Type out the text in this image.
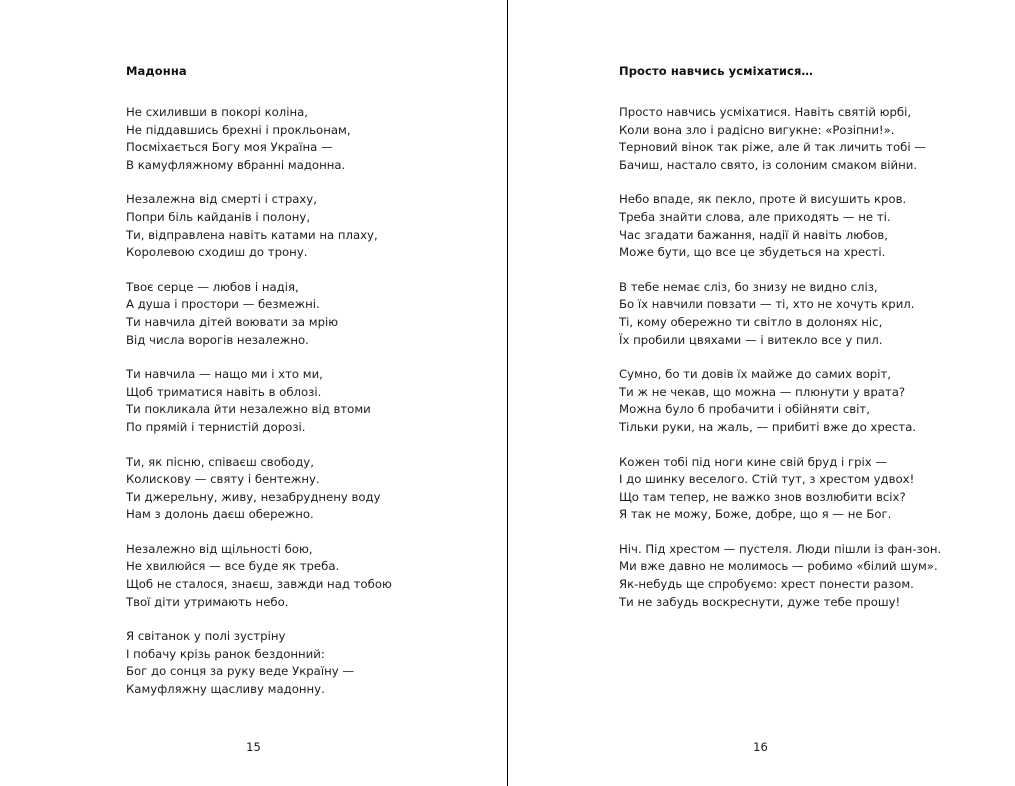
Мадонна
Не схиливши в покорі коліна,
Не піддавшись брехні і прокльонам,
Посміхається Богу моя Україна —
В камуфляжному вбранні мадонна.
Незалежна від смерті і страху,
Попри біль кайданів і полону,
Ти, відправлена навіть катами на плаху,
Королевою сходиш до трону.
Твоє серце — любов і надія,
А душа і простори — безмежні.
Ти навчила дітей воювати за мрію
Від числа ворогів незалежно.
Ти навчила — нащо ми і хто ми,
Щоб триматися навіть в облозі.
Ти покликала йти незалежно від втоми
По прямій і тернистій дорозі.
Ти, як пісню, співаєш свободу,
Колискову — святу і бентежну.
Ти джерельну, живу, незабруднену воду
Нам з долонь даєш обережно.
Незалежно від щільності бою,
Не хвилюйся — все буде як треба.
Щоб не сталося, знаєш, завжди над тобою
Твої діти утримають небо.
Я світанок у полі зустріну
І побачу крізь ранок бездонний:
Бог до сонця за руку веде Україну —
Камуфляжну щасливу мадонну.
15
Просто навчись усміхатися…
Просто навчись усміхатися. Навіть святій юрбі,
Коли вона зло і радісно вигукне: «Розіпни!».
Терновий вінок так ріже, але й так личить тобі —
Бачиш, настало свято, із солоним смаком війни.
Небо впаде, як пекло, проте й висушить кров.
Треба знайти слова, але приходять — не ті.
Час згадати бажання, надії й навіть любов,
Може бути, що все це збудеться на хресті.
В тебе немає сліз, бо знизу не видно сліз,
Бо їх навчили повзати — ті, хто не хочуть крил.
Ті, кому обережно ти світло в долонях ніс,
Їх пробили цвяхами — і витекло все у пил.
Сумно, бо ти довів їх майже до самих воріт,
Ти ж не чекав, що можна — плюнути у врата?
Можна було б пробачити і обійняти світ,
Тільки руки, на жаль, — прибиті вже до хреста.
Кожен тобі під ноги кине свій бруд і гріх —
І до шинку веселого. Стій тут, з хрестом удвох!
Що там тепер, не важко знов возлюбити всіх?
Я так не можу, Боже, добре, що я — не Бог.
Ніч. Під хрестом — пустеля. Люди пішли із фан-зон.
Ми вже давно не молимось — робимо «білий шум».
Як-небудь ще спробуємо: хрест понести разом.
Ти не забудь воскреснути, дуже тебе прошу!
16
